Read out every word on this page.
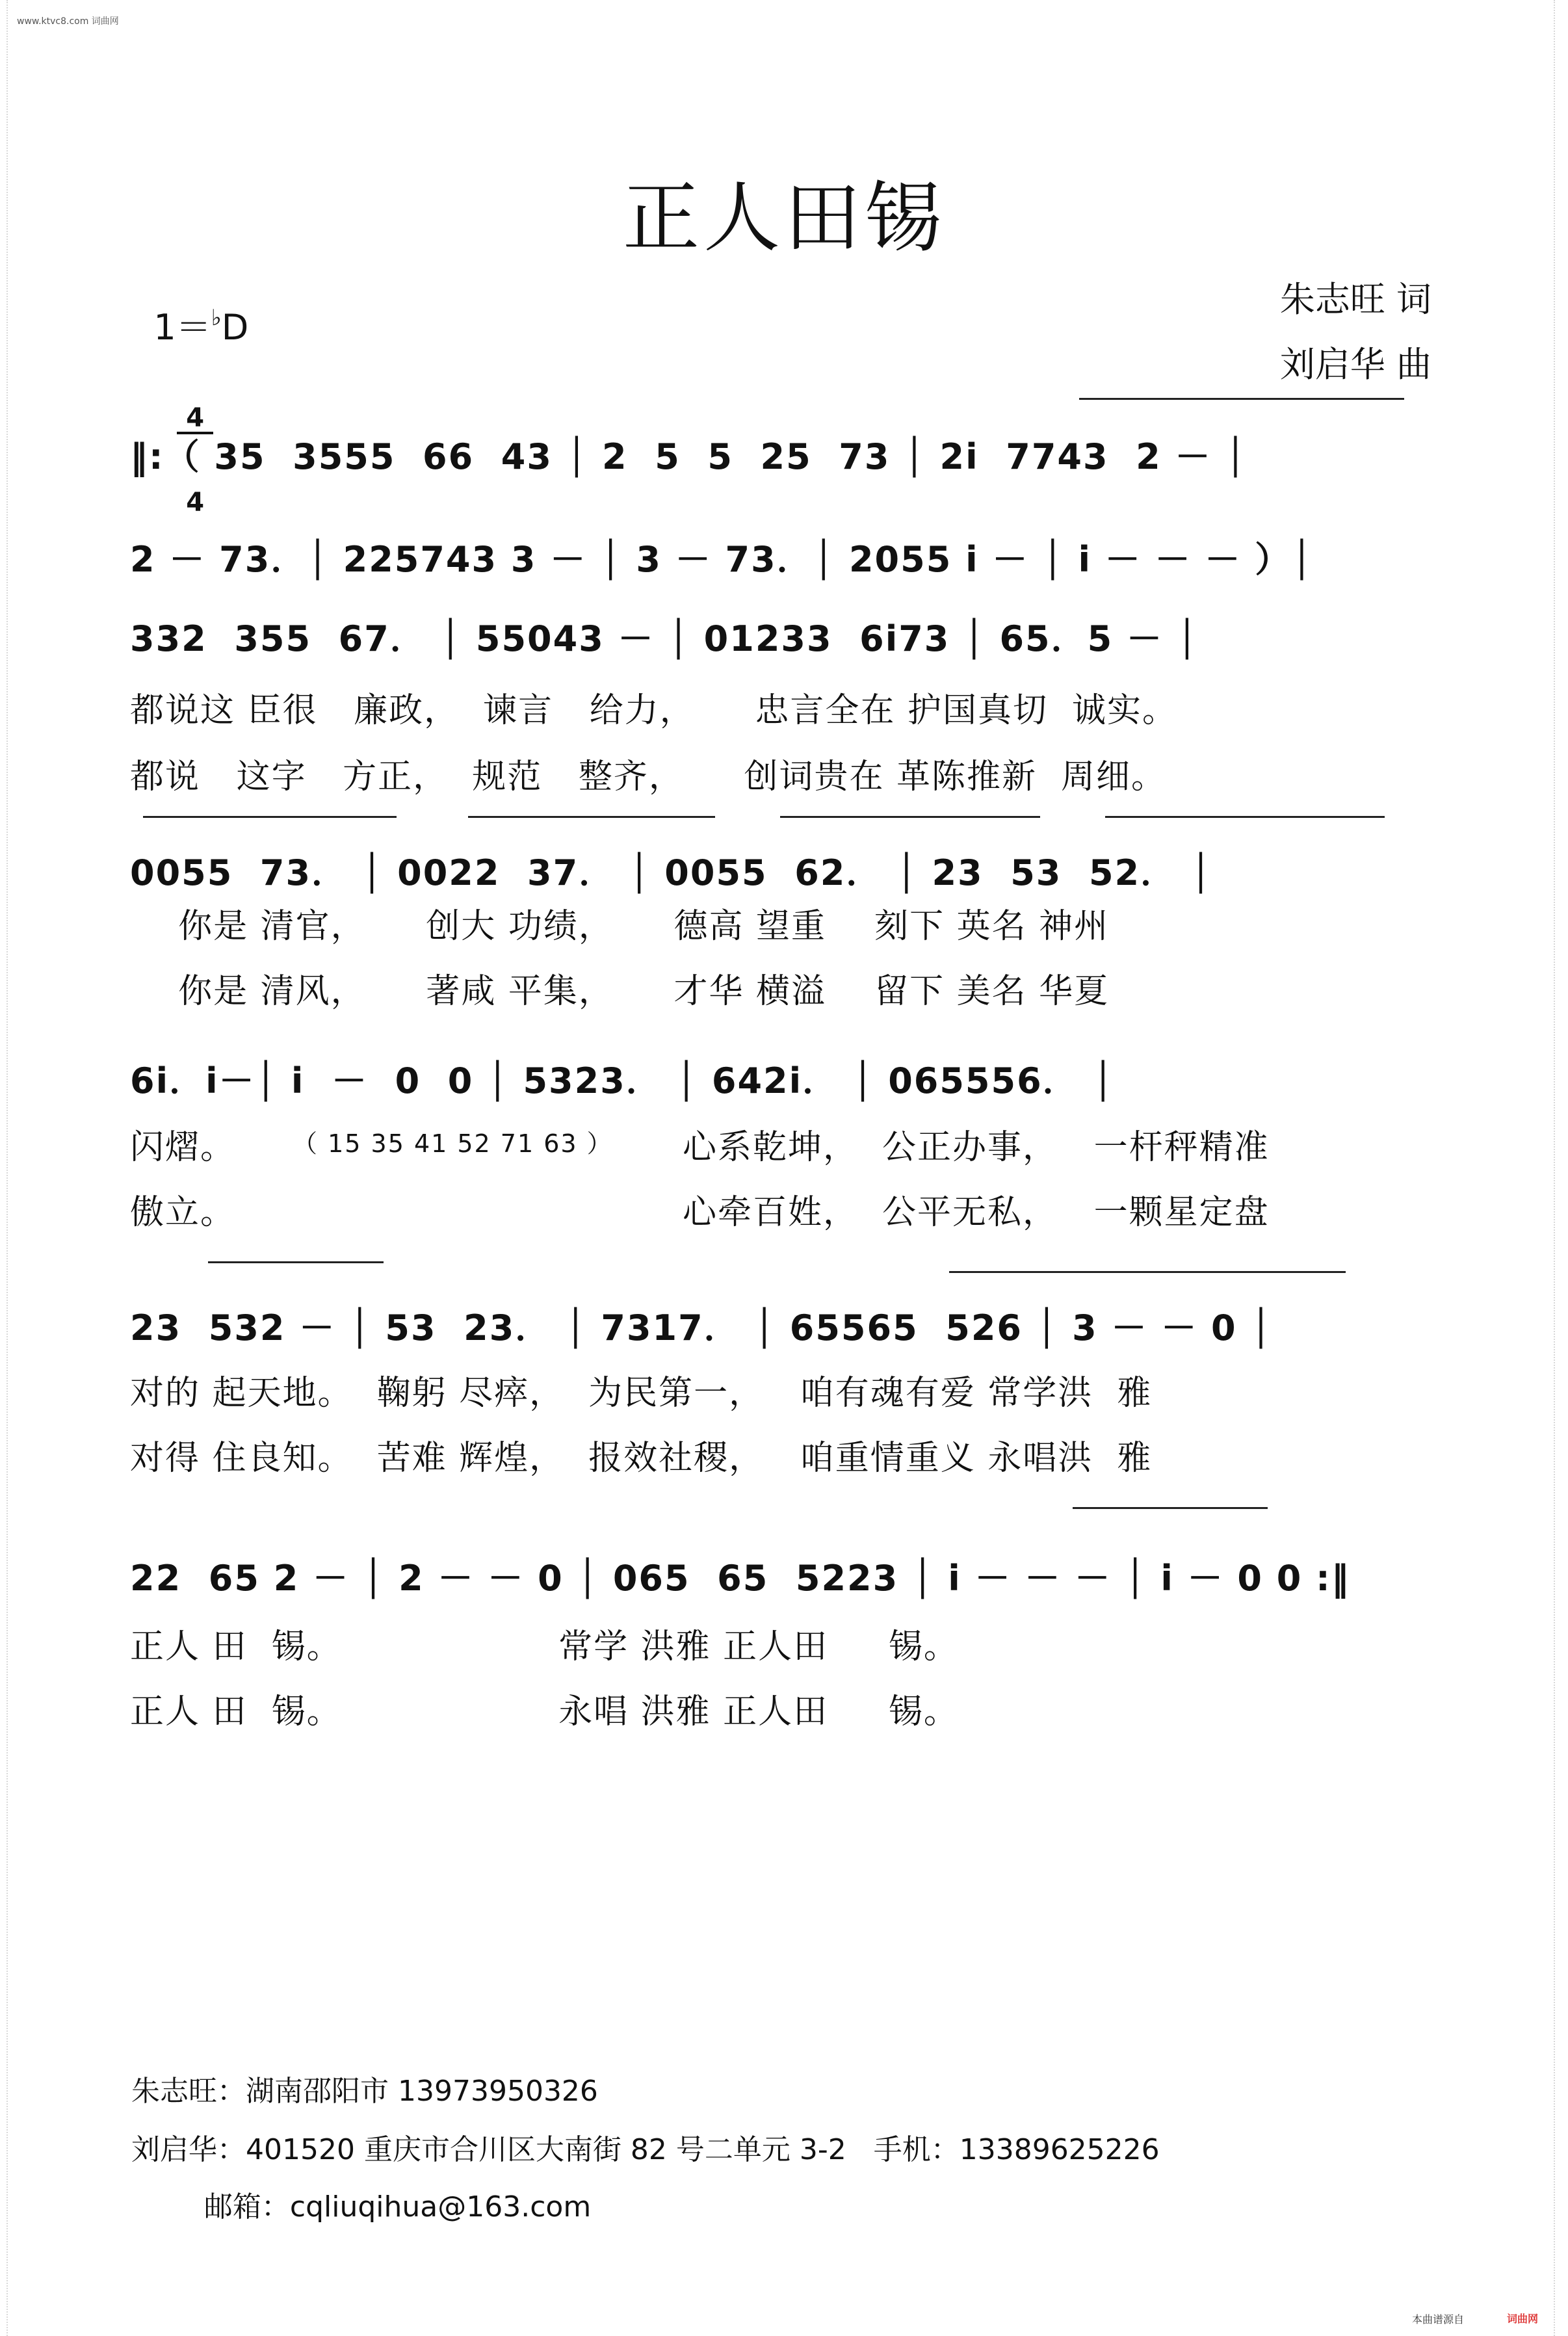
www.ktvc8.com 词曲网
正人田锡

1＝♭D

$\frac{4}{4}$

朱志旺 词
刘启华 曲
‖:（ 35  3555  66  43 │ 2  5  5  25  73 │ 2i  7743  2 － │
2 － 73．│ 225743 3 － │ 3 － 73．│ 2055 i － │ i － － － ）│
332  355  67． │ 55043 － │ 01233  6i73 │ 65．5 － │
都说这 臣很   廉政，  谏言   给力，     忠言全在 护国真切  诚实。
都说   这字   方正，  规范   整齐，     创词贵在 革陈推新  周细。
0055  73． │ 0022  37． │ 0055  62． │ 23  53  52． │
你是 清官，     创大 功绩，     德高 望重    刻下 英名 神州
你是 清风，     著咸 平集，     才华 横溢    留下 美名 华夏
6i．i－│ i  －  0  0 │ 5323． │ 642i． │ 065556． │
闪熠。
傲立。
（ 15 35 41 52 71 63 ） 心系乾坤，  公正办事，   一杆秤精准
心牵百姓，  公平无私，   一颗星定盘
23  532 － │ 53  23． │ 7317． │ 65565  526 │ 3 － － 0 │
对的 起天地。  鞠躬 尽瘁，  为民第一，   咱有魂有爱 常学洪  雅
对得 住良知。  苦难 辉煌，  报效社稷，   咱重情重义 永唱洪  雅
22  65 2 － │ 2 － － 0 │ 065  65  5223 │ i － － － │ i － 0 0 :‖
正人 田  锡。                  常学 洪雅 正人田     锡。
正人 田  锡。                  永唱 洪雅 正人田     锡。
朱志旺：湖南邵阳市 13973950326
刘启华：401520 重庆市合川区大南街 82 号二单元 3-2   手机：13389625226
邮箱：cqliuqihua@163.com
本曲谱源自	词曲网
